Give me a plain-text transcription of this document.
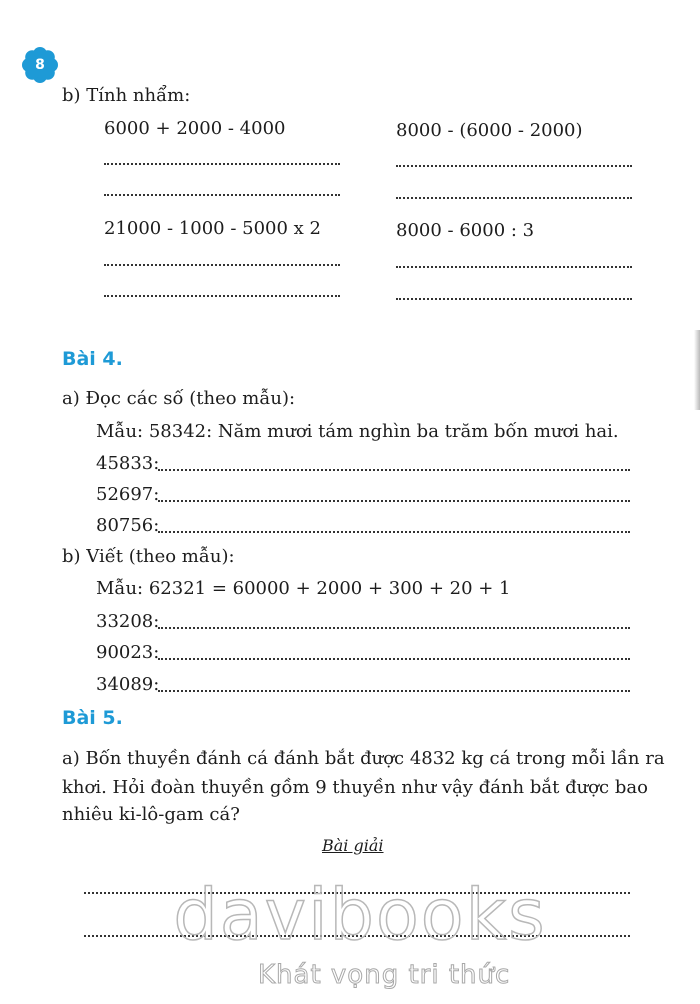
8
b) Tính nhẩm:
6000 + 2000 - 4000	8000 - (6000 - 2000)
21000 - 1000 - 5000 x 2	8000 - 6000 : 3
Bài 4.
a) Đọc các số (theo mẫu):
Mẫu: 58342: Năm mươi tám nghìn ba trăm bốn mươi hai.
45833:
52697:
80756:
b) Viết (theo mẫu):
Mẫu: 62321 = 60000 + 2000 + 300 + 20 + 1
33208:
90023:
34089:
Bài 5.
a) Bốn thuyền đánh cá đánh bắt được 4832 kg cá trong mỗi lần ra
khơi. Hỏi đoàn thuyền gồm 9 thuyền như vậy đánh bắt được bao
nhiêu ki-lô-gam cá?
Bài giải
davibooks
Khát vọng tri thức
